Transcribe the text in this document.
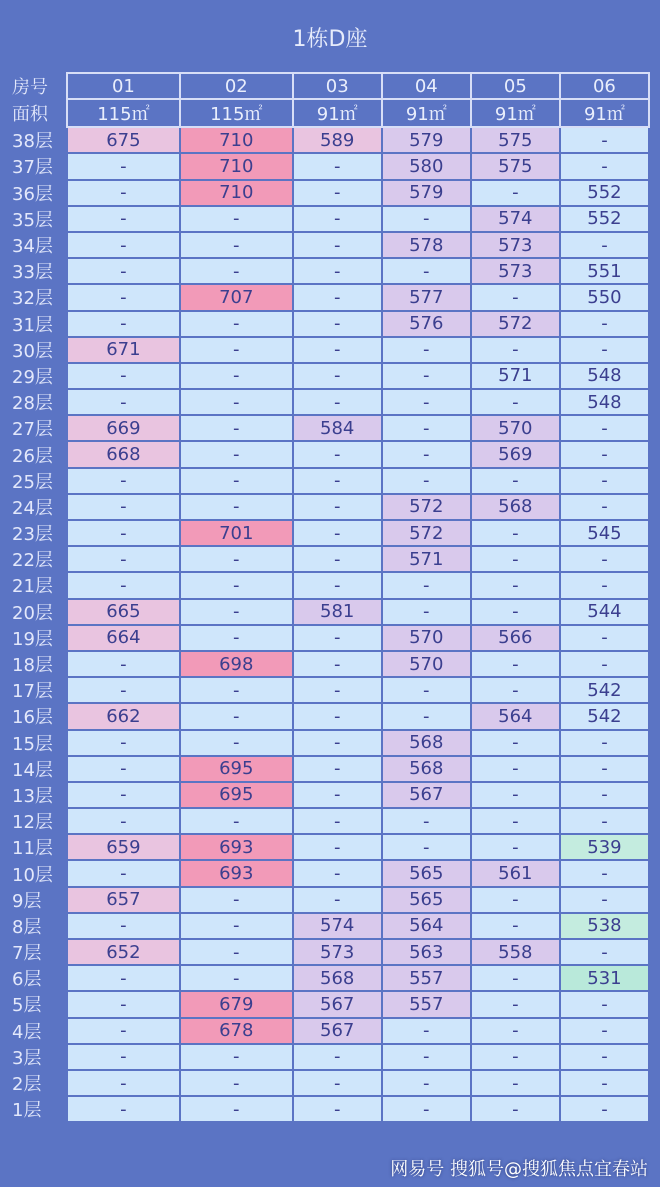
1栋D座
房号	01	02	03	04	05	06
面积	115㎡	115㎡	91㎡	91㎡	91㎡	91㎡
38层	675	710	589	579	575	-
37层	-	710	-	580	575	-
36层	-	710	-	579	-	552
35层	-	-	-	-	574	552
34层	-	-	-	578	573	-
33层	-	-	-	-	573	551
32层	-	707	-	577	-	550
31层	-	-	-	576	572	-
30层	671	-	-	-	-	-
29层	-	-	-	-	571	548
28层	-	-	-	-	-	548
27层	669	-	584	-	570	-
26层	668	-	-	-	569	-
25层	-	-	-	-	-	-
24层	-	-	-	572	568	-
23层	-	701	-	572	-	545
22层	-	-	-	571	-	-
21层	-	-	-	-	-	-
20层	665	-	581	-	-	544
19层	664	-	-	570	566	-
18层	-	698	-	570	-	-
17层	-	-	-	-	-	542
16层	662	-	-	-	564	542
15层	-	-	-	568	-	-
14层	-	695	-	568	-	-
13层	-	695	-	567	-	-
12层	-	-	-	-	-	-
11层	659	693	-	-	-	539
10层	-	693	-	565	561	-
9层	657	-	-	565	-	-
8层	-	-	574	564	-	538
7层	652	-	573	563	558	-
6层	-	-	568	557	-	531
5层	-	679	567	557	-	-
4层	-	678	567	-	-	-
3层	-	-	-	-	-	-
2层	-	-	-	-	-	-
1层	-	-	-	-	-	-
网易号 搜狐号@搜狐焦点宜春站
